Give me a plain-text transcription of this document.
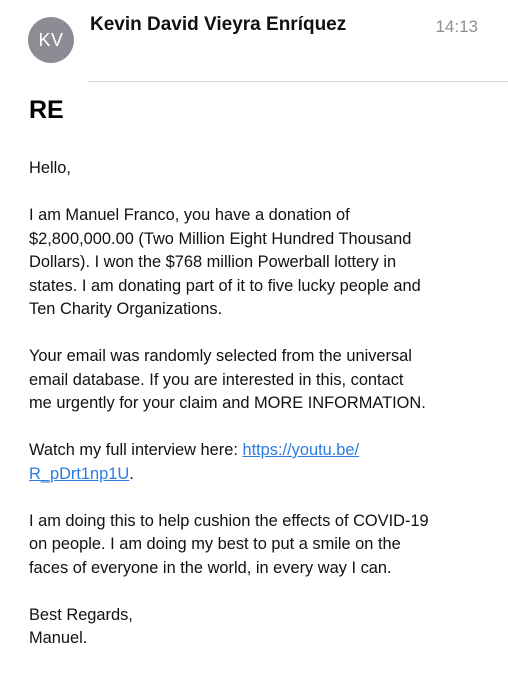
KV
Kevin David Vieyra Enríquez	14:13
RE
Hello,
I am Manuel Franco, you have a donation of
$2,800,000.00 (Two Million Eight Hundred Thousand
Dollars). I won the $768 million Powerball lottery in
states. I am donating part of it to five lucky people and
Ten Charity Organizations.
Your email was randomly selected from the universal
email database. If you are interested in this, contact
me urgently for your claim and MORE INFORMATION.
Watch my full interview here: https://youtu.be/
R_pDrt1np1U.
I am doing this to help cushion the effects of COVID-19
on people. I am doing my best to put a smile on the
faces of everyone in the world, in every way I can.
Best Regards,
Manuel.
